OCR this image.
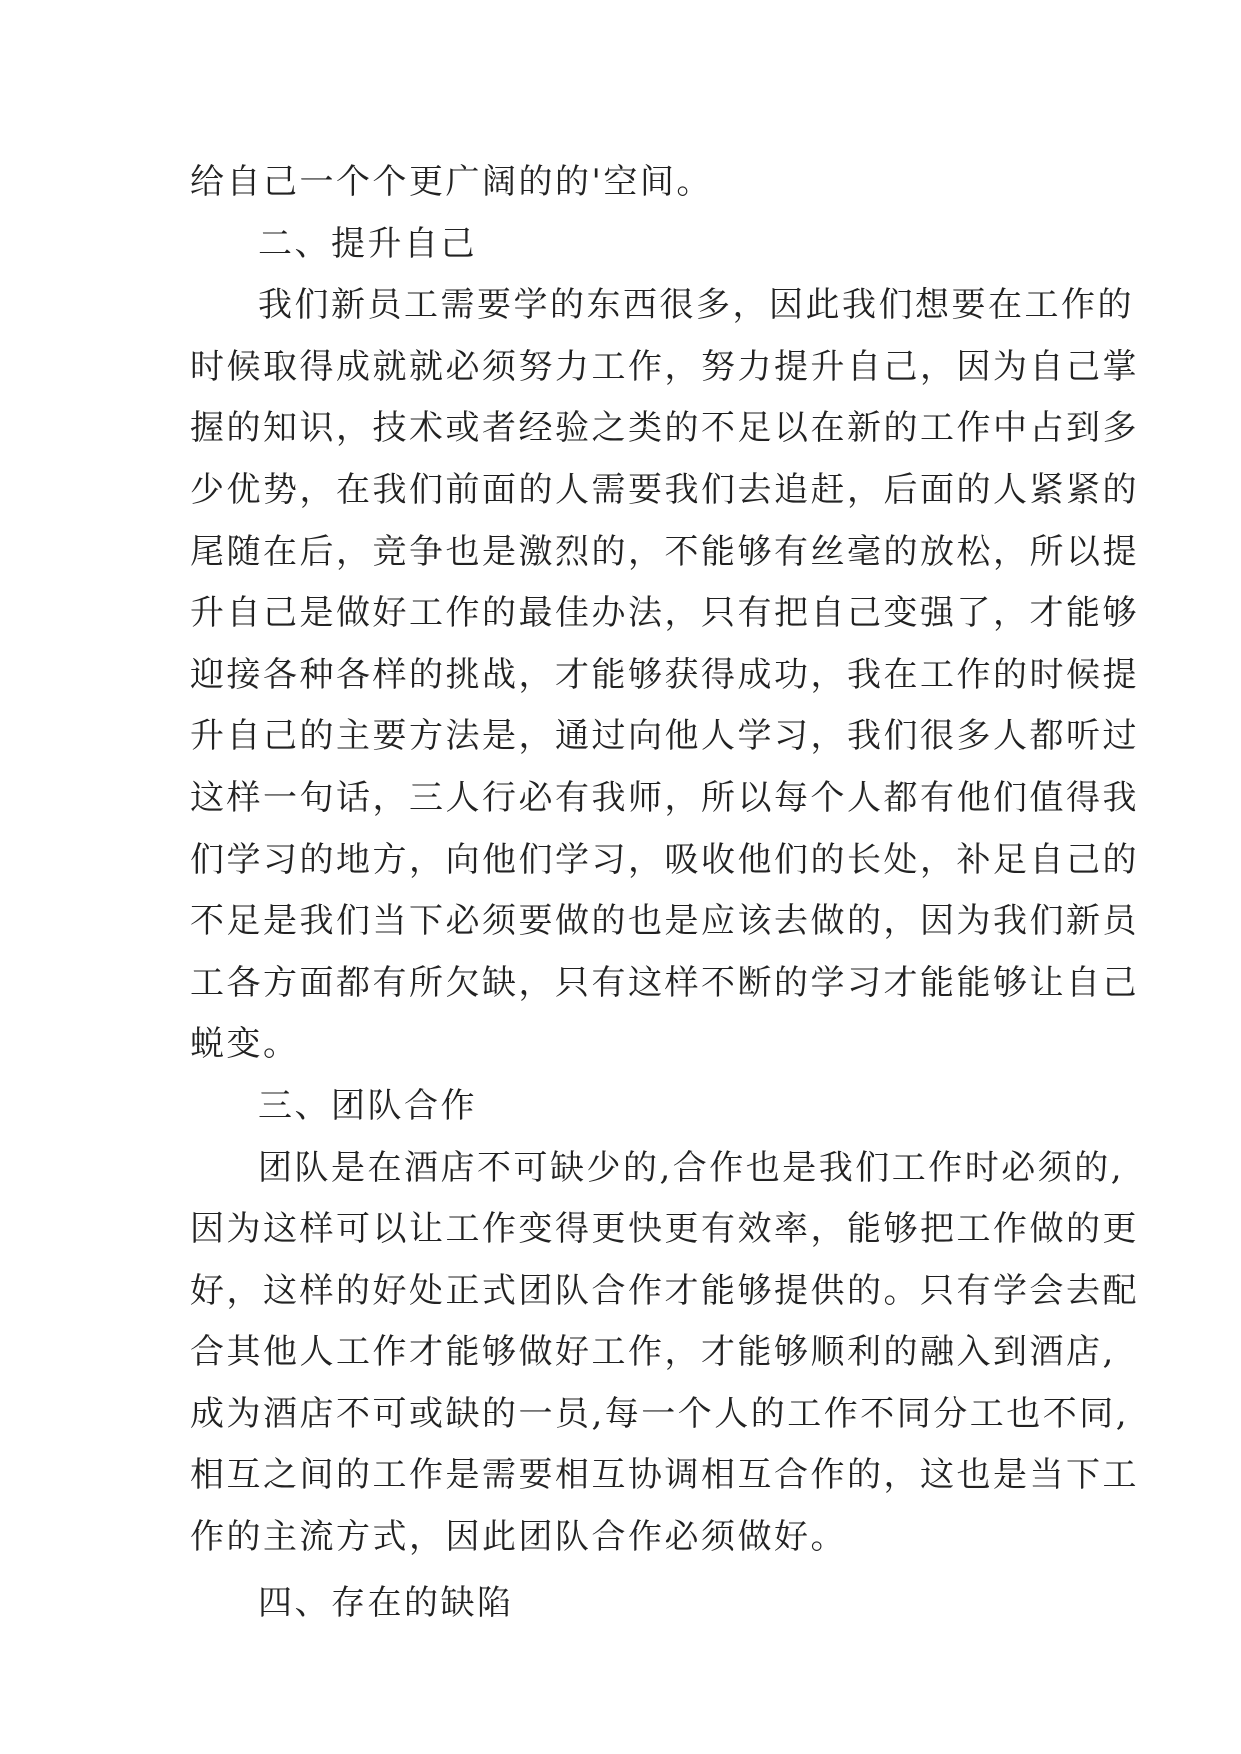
给自己一个个更广阔的的'空间。
二、提升自己
我们新员工需要学的东西很多，因此我们想要在工作的
时候取得成就就必须努力工作，努力提升自己，因为自己掌
握的知识，技术或者经验之类的不足以在新的工作中占到多
少优势，在我们前面的人需要我们去追赶，后面的人紧紧的
尾随在后，竞争也是激烈的，不能够有丝毫的放松，所以提
升自己是做好工作的最佳办法，只有把自己变强了，才能够
迎接各种各样的挑战，才能够获得成功，我在工作的时候提
升自己的主要方法是，通过向他人学习，我们很多人都听过
这样一句话，三人行必有我师，所以每个人都有他们值得我
们学习的地方，向他们学习，吸收他们的长处，补足自己的
不足是我们当下必须要做的也是应该去做的，因为我们新员
工各方面都有所欠缺，只有这样不断的学习才能能够让自己
蜕变。
三、团队合作
团队是在酒店不可缺少的,合作也是我们工作时必须的,
因为这样可以让工作变得更快更有效率，能够把工作做的更
好，这样的好处正式团队合作才能够提供的。只有学会去配
合其他人工作才能够做好工作，才能够顺利的融入到酒店,
成为酒店不可或缺的一员,每一个人的工作不同分工也不同,
相互之间的工作是需要相互协调相互合作的，这也是当下工
作的主流方式，因此团队合作必须做好。
四、存在的缺陷
